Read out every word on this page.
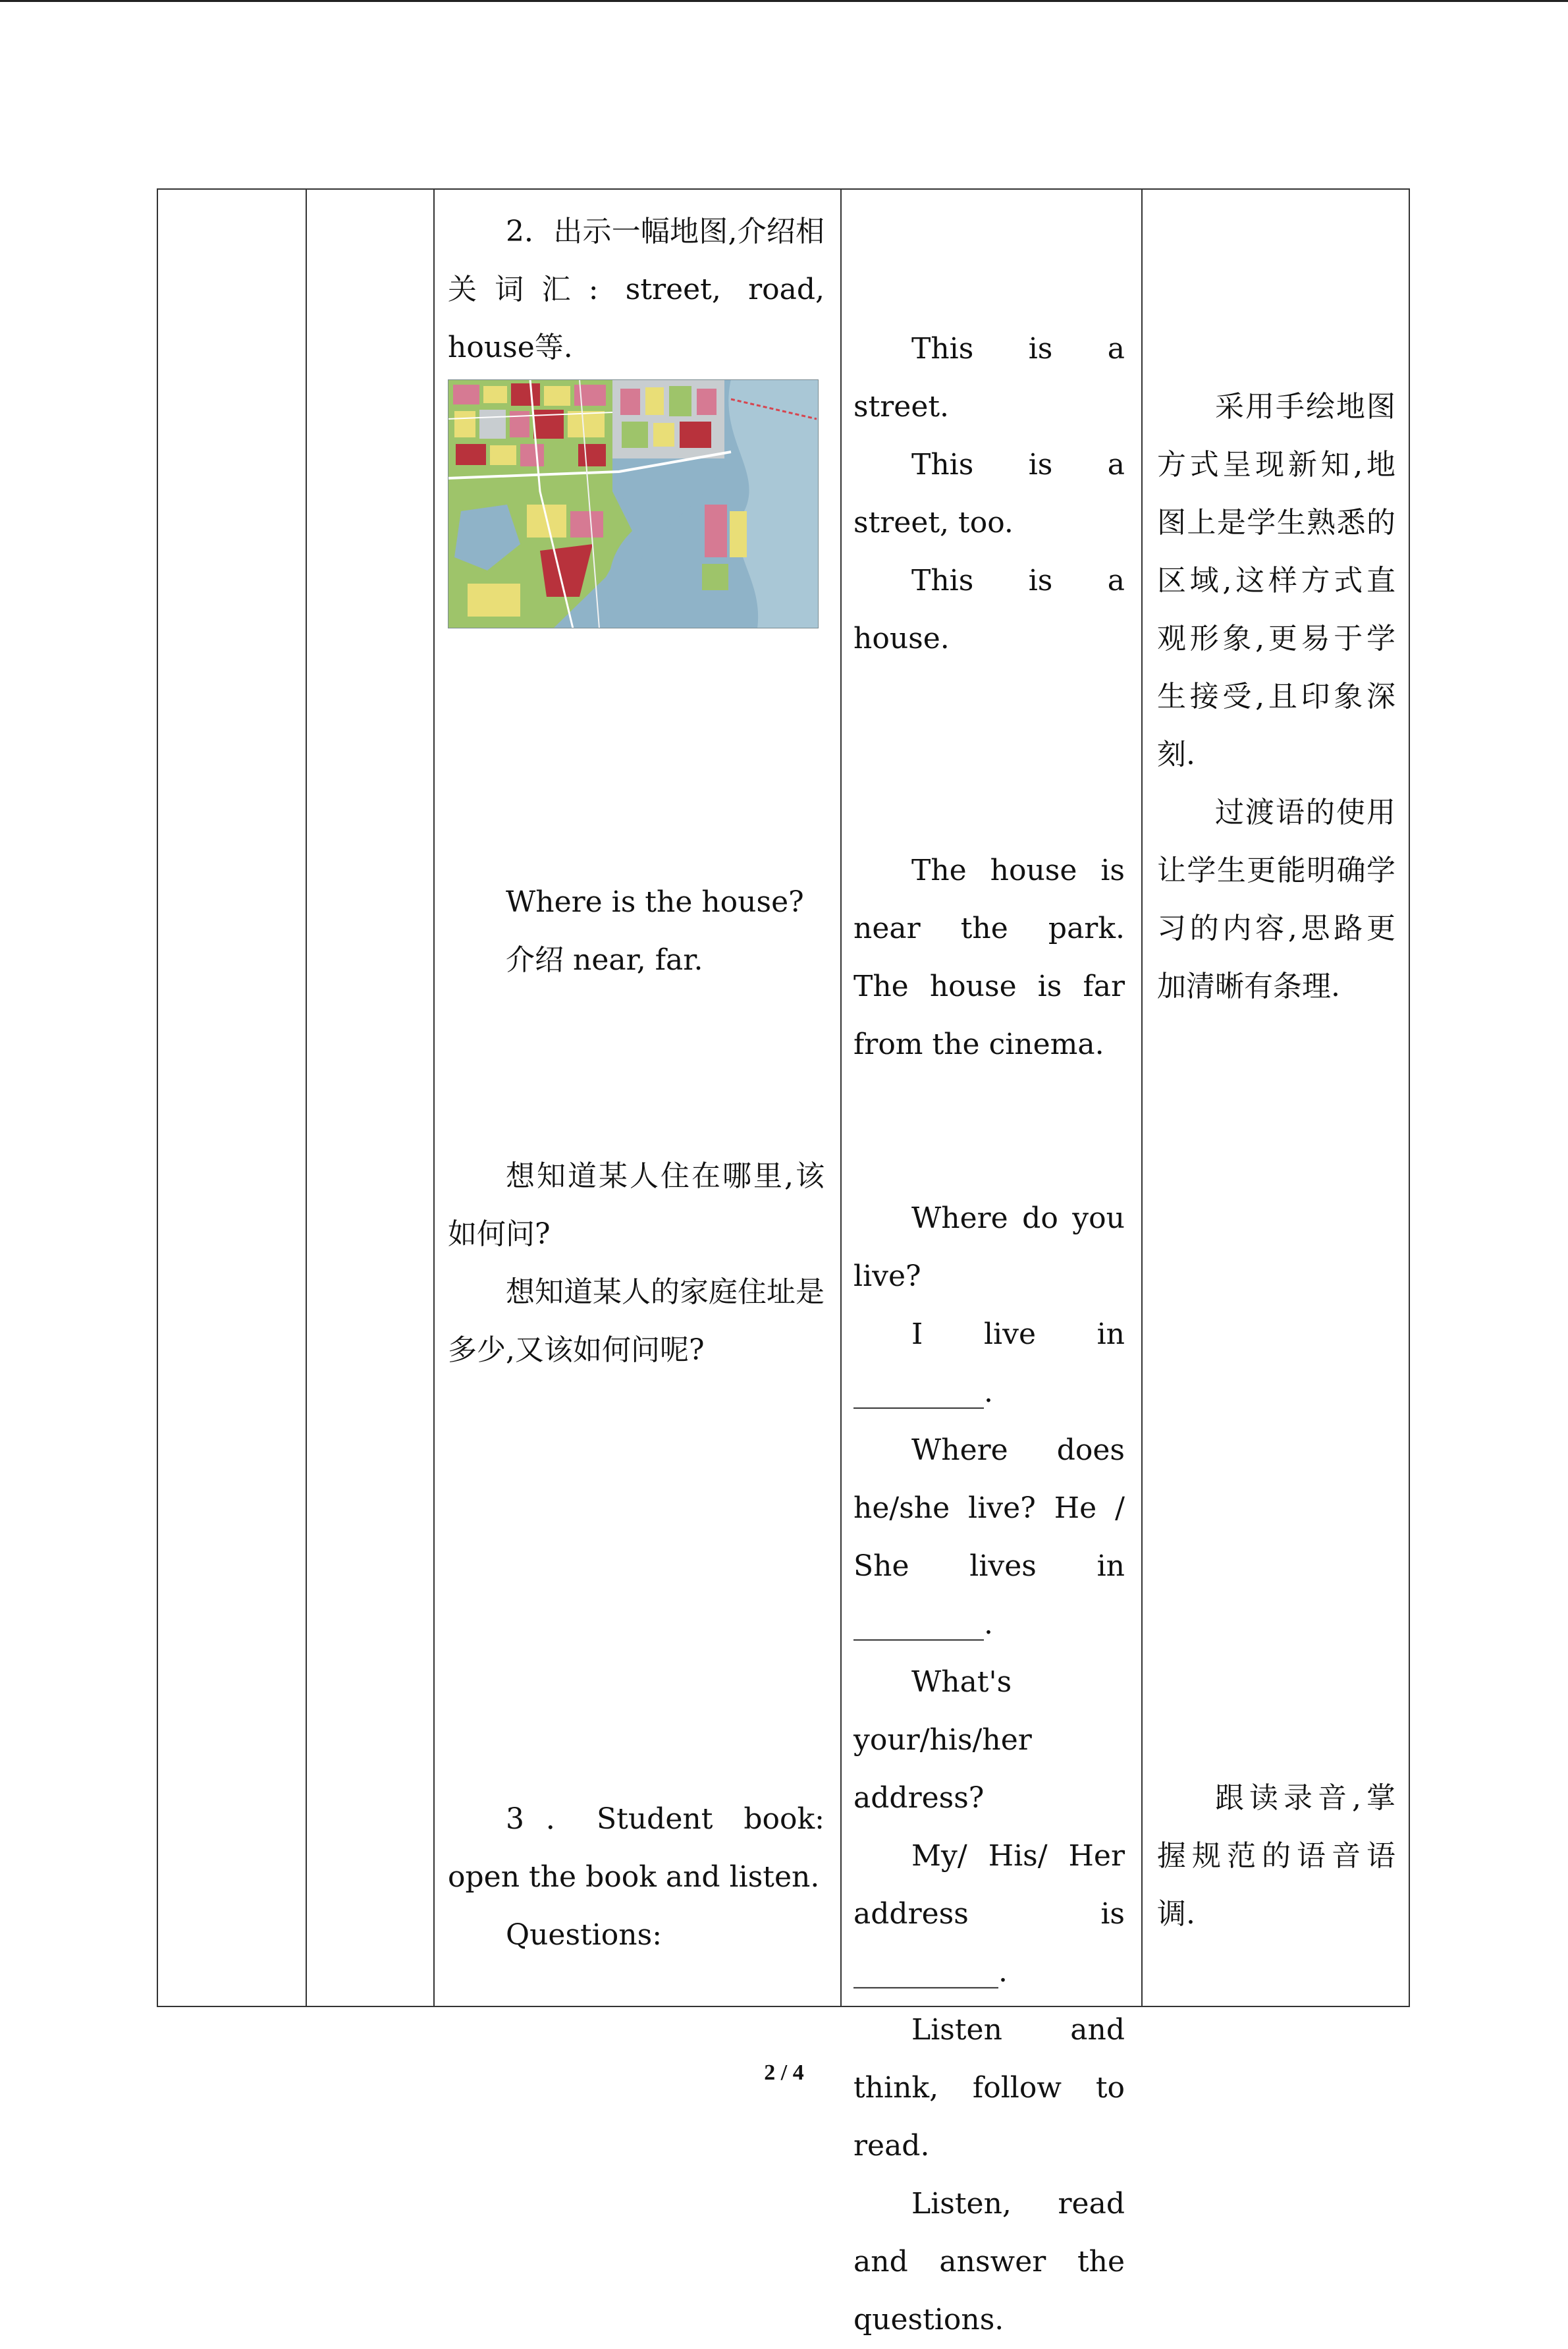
2．出示一幅地图,介绍相关词汇: street, road, house等.

Where is the house?

介绍 near, far.

想知道某人住在哪里,该如何问?

想知道某人的家庭住址是多少,又该如何问呢?

3．Student book: open the book and listen.

Questions:

This is a street.

This is a street, too.

This is a house.

The house is near the park. The house is far from the cinema.

Where do you live?

I live in _________.

Where does he/she live? He / She lives in _________.

What's your/his/her address?

My/ His/ Her address is __________.

Listen and think, follow to read.

Listen, read and answer the questions.

采用手绘地图方式呈现新知,地图上是学生熟悉的区域,这样方式直观形象,更易于学生接受,且印象深刻.

过渡语的使用让学生更能明确学习的内容,思路更加清晰有条理.

跟读录音,掌握规范的语音语调.

2 / 4
